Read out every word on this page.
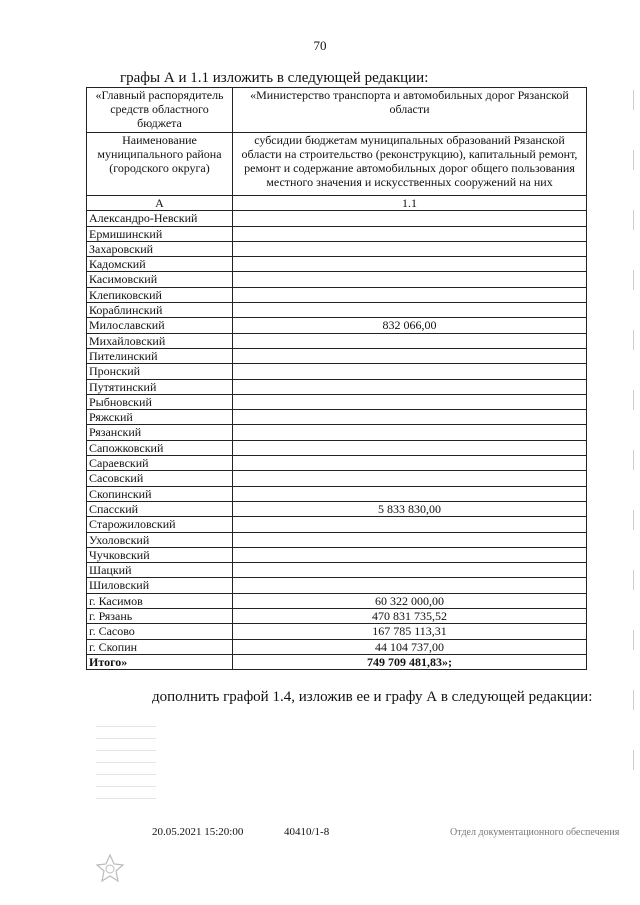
70
графы А и 1.1 изложить в следующей редакции:
«Главный распорядитель средств областного бюджета	«Министерство транспорта и автомобильных дорог Рязанской области
Наименование муниципального района (городского округа)	субсидии бюджетам муниципальных образований Рязанской области на строительство (реконструкцию), капитальный ремонт, ремонт и содержание автомобильных дорог общего пользования местного значения и искусственных сооружений на них
А	1.1
Александро-Невский	
Ермишинский	
Захаровский	
Кадомский	
Касимовский	
Клепиковский	
Кораблинский	
Милославский	832 066,00
Михайловский	
Пителинский	
Пронский	
Путятинский	
Рыбновский	
Ряжский	
Рязанский	
Сапожковский	
Сараевский	
Сасовский	
Скопинский	
Спасский	5 833 830,00
Старожиловский	
Ухоловский	
Чучковский	
Шацкий	
Шиловский	
г. Касимов	60 322 000,00
г. Рязань	470 831 735,52
г. Сасово	167 785 113,31
г. Скопин	44 104 737,00
Итого»	749 709 481,83»;
дополнить графой 1.4, изложив ее и графу А в следующей редакции:
20.05.2021 15:20:00	40410/1-8	Отдел документационного обеспечения
